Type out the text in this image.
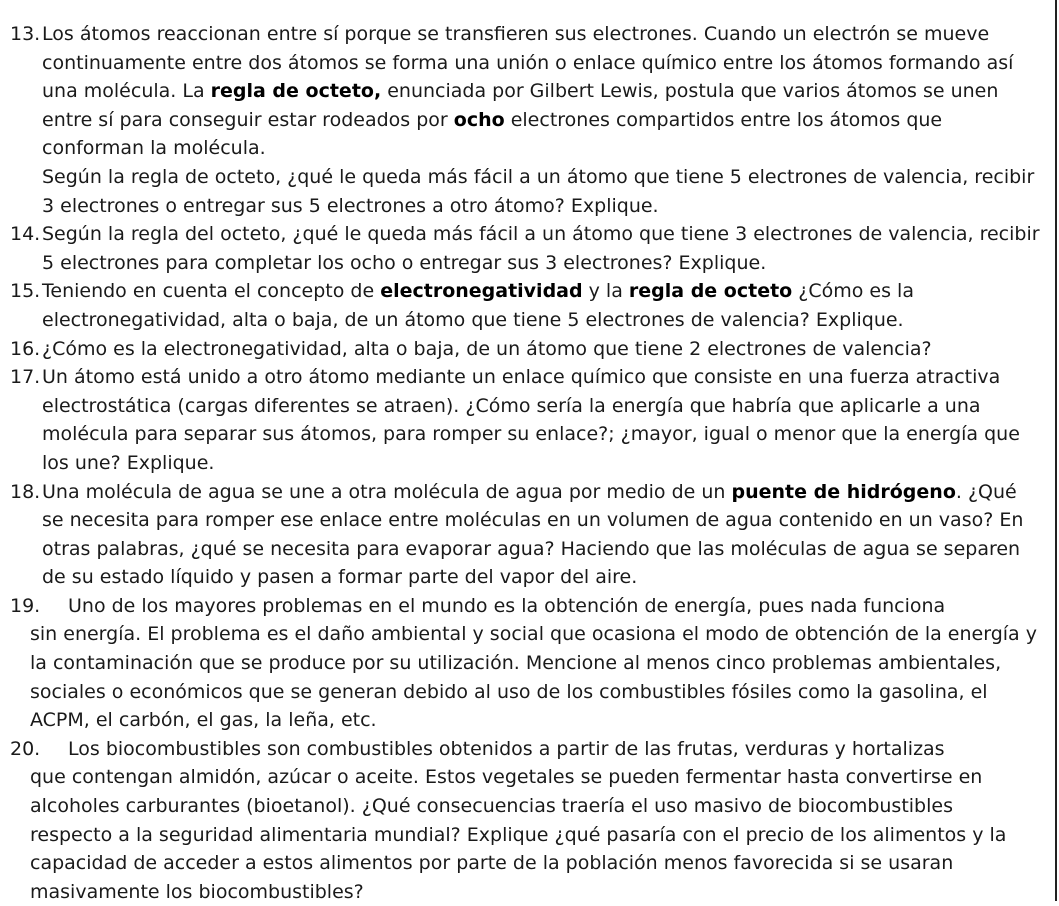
13. Los átomos reaccionan entre sí porque se transfieren sus electrones. Cuando un electrón se mueve continuamente entre dos átomos se forma una unión o enlace químico entre los átomos formando así una molécula. La regla de octeto, enunciada por Gilbert Lewis, postula que varios átomos se unen entre sí para conseguir estar rodeados por ocho electrones compartidos entre los átomos que conforman la molécula.
Según la regla de octeto, ¿qué le queda más fácil a un átomo que tiene 5 electrones de valencia, recibir 3 electrones o entregar sus 5 electrones a otro átomo? Explique.
14. Según la regla del octeto, ¿qué le queda más fácil a un átomo que tiene 3 electrones de valencia, recibir 5 electrones para completar los ocho o entregar sus 3 electrones? Explique.
15. Teniendo en cuenta el concepto de electronegatividad y la regla de octeto ¿Cómo es la electronegatividad, alta o baja, de un átomo que tiene 5 electrones de valencia? Explique.
16. ¿Cómo es la electronegatividad, alta o baja, de un átomo que tiene 2 electrones de valencia?
17. Un átomo está unido a otro átomo mediante un enlace químico que consiste en una fuerza atractiva electrostática (cargas diferentes se atraen). ¿Cómo sería la energía que habría que aplicarle a una molécula para separar sus átomos, para romper su enlace?; ¿mayor, igual o menor que la energía que los une? Explique.
18. Una molécula de agua se une a otra molécula de agua por medio de un puente de hidrógeno. ¿Qué se necesita para romper ese enlace entre moléculas en un volumen de agua contenido en un vaso? En otras palabras, ¿qué se necesita para evaporar agua? Haciendo que las moléculas de agua se separen de su estado líquido y pasen a formar parte del vapor del aire.
19.	Uno de los mayores problemas en el mundo es la obtención de energía, pues nada funciona
sin energía. El problema es el daño ambiental y social que ocasiona el modo de obtención de la energía y la contaminación que se produce por su utilización. Mencione al menos cinco problemas ambientales, sociales o económicos que se generan debido al uso de los combustibles fósiles como la gasolina, el ACPM, el carbón, el gas, la leña, etc.
20.	Los biocombustibles son combustibles obtenidos a partir de las frutas, verduras y hortalizas
que contengan almidón, azúcar o aceite. Estos vegetales se pueden fermentar hasta convertirse en alcoholes carburantes (bioetanol). ¿Qué consecuencias traería el uso masivo de biocombustibles respecto a la seguridad alimentaria mundial? Explique ¿qué pasaría con el precio de los alimentos y la capacidad de acceder a estos alimentos por parte de la población menos favorecida si se usaran masivamente los biocombustibles?
